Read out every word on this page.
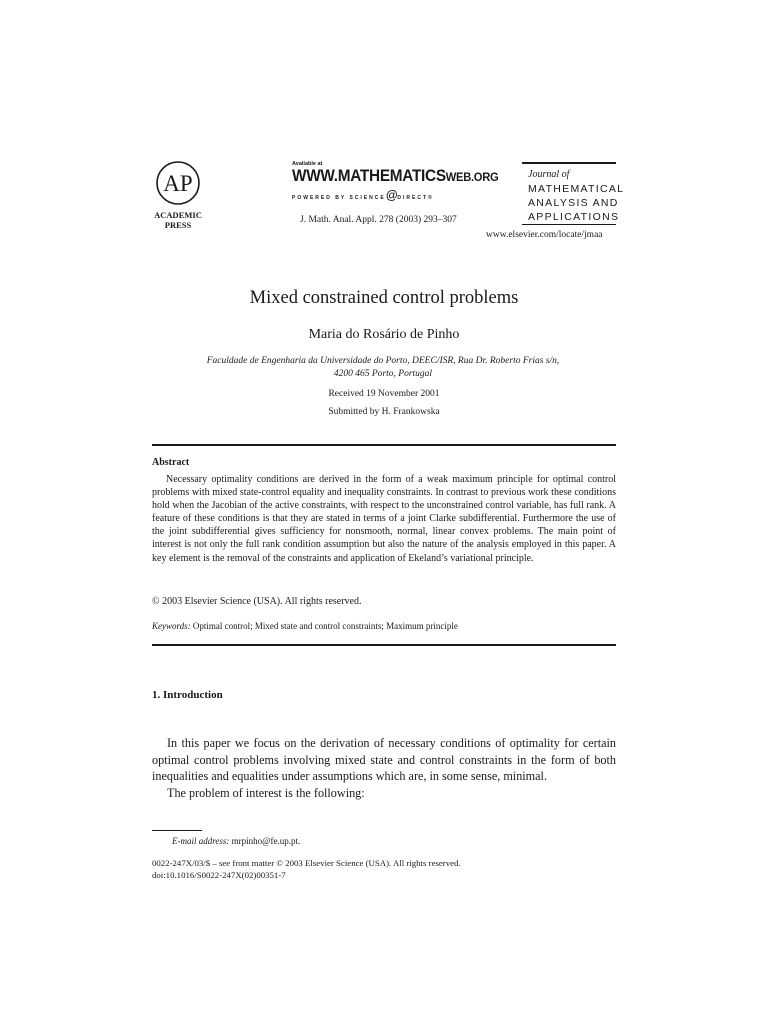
AP
ACADEMIC
PRESS
Available at
WWW.MATHEMATICSWEB.ORG
POWERED BY SCIENCE@DIRECT®
J. Math. Anal. Appl. 278 (2003) 293–307
Journal of
MATHEMATICAL
ANALYSIS AND
APPLICATIONS
www.elsevier.com/locate/jmaa
Mixed constrained control problems
Maria do Rosário de Pinho
Faculdade de Engenharia da Universidade do Porto, DEEC/ISR, Rua Dr. Roberto Frias s/n,
4200 465 Porto, Portugal
Received 19 November 2001
Submitted by H. Frankowska
Abstract

Necessary optimality conditions are derived in the form of a weak maximum principle for optimal control problems with mixed state-control equality and inequality constraints. In contrast to previous work these conditions hold when the Jacobian of the active constraints, with respect to the unconstrained control variable, has full rank. A feature of these conditions is that they are stated in terms of a joint Clarke subdifferential. Furthermore the use of the joint subdifferential gives sufficiency for nonsmooth, normal, linear convex problems. The main point of interest is not only the full rank condition assumption but also the nature of the analysis employed in this paper. A key element is the removal of the constraints and application of Ekeland’s variational principle.

© 2003 Elsevier Science (USA). All rights reserved.
Keywords: Optimal control; Mixed state and control constraints; Maximum principle
1. Introduction

In this paper we focus on the derivation of necessary conditions of optimality for certain optimal control problems involving mixed state and control constraints in the form of both inequalities and equalities under assumptions which are, in some sense, minimal.

The problem of interest is the following:

E-mail address: mrpinho@fe.up.pt.
0022-247X/03/$ – see front matter © 2003 Elsevier Science (USA). All rights reserved.
doi:10.1016/S0022-247X(02)00351-7
